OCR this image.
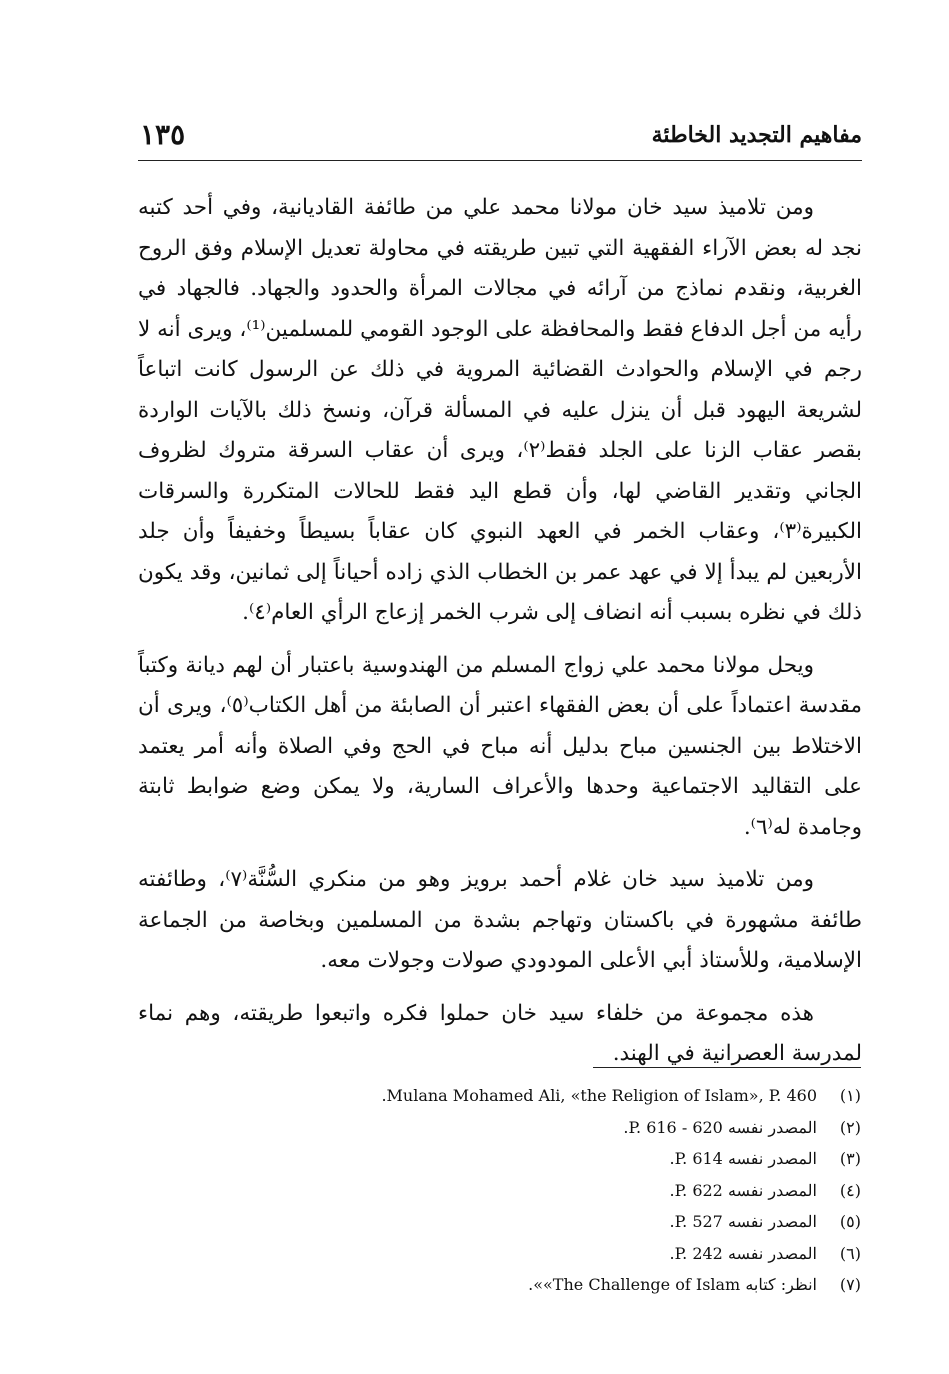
مفاهيم التجديد الخاطئة
١٣٥

ومن تلاميذ سيد خان مولانا محمد علي من طائفة القاديانية، وفي أحد كتبه نجد له بعض الآراء الفقهية التي تبين طريقته في محاولة تعديل الإسلام وفق الروح الغربية، ونقدم نماذج من آرائه في مجالات المرأة والحدود والجهاد. فالجهاد في رأيه من أجل الدفاع فقط والمحافظة على الوجود القومي للمسلمين⁽¹⁾، ويرى أنه لا رجم في الإسلام والحوادث القضائية المروية في ذلك عن الرسول كانت اتباعاً لشريعة اليهود قبل أن ينزل عليه في المسألة قرآن، ونسخ ذلك بالآيات الواردة بقصر عقاب الزنا على الجلد فقط⁽٢⁾، ويرى أن عقاب السرقة متروك لظروف الجاني وتقدير القاضي لها، وأن قطع اليد فقط للحالات المتكررة والسرقات الكبيرة⁽٣⁾، وعقاب الخمر في العهد النبوي كان عقاباً بسيطاً وخفيفاً وأن جلد الأربعين لم يبدأ إلا في عهد عمر بن الخطاب الذي زاده أحياناً إلى ثمانين، وقد يكون ذلك في نظره بسبب أنه انضاف إلى شرب الخمر إزعاج الرأي العام⁽٤⁾.

ويحل مولانا محمد علي زواج المسلم من الهندوسية باعتبار أن لهم ديانة وكتباً مقدسة اعتماداً على أن بعض الفقهاء اعتبر أن الصابئة من أهل الكتاب⁽٥⁾، ويرى أن الاختلاط بين الجنسين مباح بدليل أنه مباح في الحج وفي الصلاة وأنه أمر يعتمد على التقاليد الاجتماعية وحدها والأعراف السارية، ولا يمكن وضع ضوابط ثابتة وجامدة له⁽٦⁾.

ومن تلاميذ سيد خان غلام أحمد برويز وهو من منكري السُّنَّة⁽٧⁾، وطائفته طائفة مشهورة في باكستان وتهاجم بشدة من المسلمين وبخاصة من الجماعة الإسلامية، وللأستاذ أبي الأعلى المودودي صولات وجولات معه.

هذه مجموعة من خلفاء سيد خان حملوا فكره واتبعوا طريقته، وهم نماء لمدرسة العصرانية في الهند.

(١)
Mulana Mohamed Ali, «the Religion of Islam», P. 460.
(٢)
المصدر نفسه ‎P. 616 - 620.
(٣)
المصدر نفسه ‎P. 614.
(٤)
المصدر نفسه ‎P. 622.
(٥)
المصدر نفسه ‎P. 527.
(٦)
المصدر نفسه ‎P. 242.
(٧)
انظر: كتابه ‎«The Challenge of Islam».
